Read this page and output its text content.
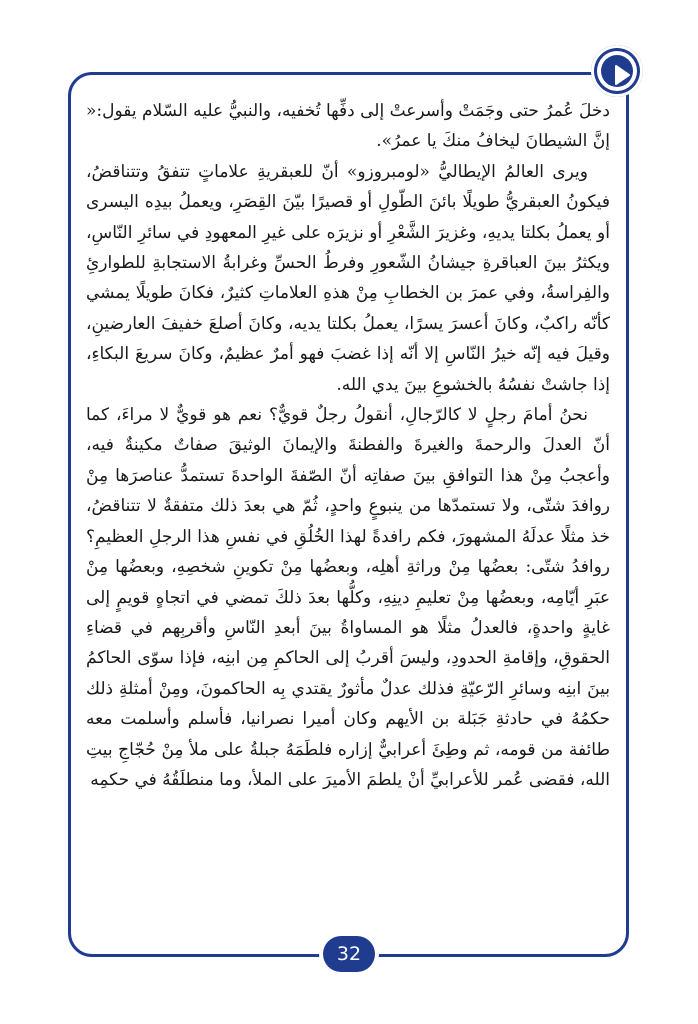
دخلَ عُمرُ حتى وجَمَتْ وأسرعتْ إلى دفِّها تُخفيه، والنبيُّ عليه السّلام يقول:« إنَّ الشيطانَ ليخافُ منكَ يا عمرُ».

ويرى العالمُ الإيطاليُّ «لومبروزو» أنّ للعبقريةِ علاماتٍ تتفقُ وتتناقضُ، فيكونُ العبقريُّ طويلًا بائنَ الطّولِ أو قصيرًا بيّنَ القِصَرِ، ويعملُ بيدِه اليسرى أو يعملُ بكلتا يديهِ، وغزيرَ الشَّعْرِ أو نزيرَه على غيرِ المعهودِ في سائرِ النّاسِ، ويكثرُ بينَ العباقرةِ جيشانُ الشّعورِ وفرطُ الحسِّ وغرابةُ الاستجابةِ للطوارئِ والفِراسةُ، وفي عمرَ بن الخطابِ مِنْ هذهِ العلاماتِ كثيرٌ، فكانَ طويلًا يمشي كأنّه راكبٌ، وكانَ أعسرَ يسرًا، يعملُ بكلتا يديه، وكانَ أصلعَ خفيفَ العارضينِ، وقيلَ فيه إنّه خيرُ النّاسِ إلا أنّه إذا غضبَ فهو أمرٌ عظيمٌ، وكانَ سريعَ البكاءِ، إذا جاشتْ نفسُهُ بالخشوعِ بينَ يدي الله.

نحنُ أمامَ رجلٍ لا كالرّجالِ، أنقولُ رجلٌ قويٌّ؟ نعم هو قويٌّ لا مراءَ، كما أنّ العدلَ والرحمةَ والغيرةَ والفطنةَ والإيمانَ الوثيقَ صفاتٌ مكينةٌ فيه، وأعجبُ مِنْ هذا التوافقِ بينَ صفاتِه أنّ الصّفةَ الواحدةَ تستمدُّ عناصرَها مِنْ روافدَ شتّى، ولا تستمدّها من ينبوعٍ واحدٍ، ثُمّ هي بعدَ ذلك متفقةٌ لا تتناقضُ، خذ مثلًا عدلَهُ المشهورَ، فكم رافدةً لهذا الخُلُقِ في نفسِ هذا الرجلِ العظيمِ؟ روافدُ شتّى: بعضُها مِنْ وراثةِ أهلِه، وبعضُها مِنْ تكوينِ شخصِهِ، وبعضُها مِنْ عبَرِ أيّامِه، وبعضُها مِنْ تعليمِ دينِهِ، وكلُّها بعدَ ذلكَ تمضي في اتجاهٍ قويمٍ إلى غايةٍ واحدةٍ، فالعدلُ مثلًا هو المساواةُ بينَ أبعدِ النّاسِ وأقربِهم في قضاءِ الحقوقِ، وإقامةِ الحدودِ، وليسَ أقربُ إلى الحاكمِ مِن ابنِه، فإذا سوّى الحاكمُ بينَ ابنِه وسائرِ الرّعيّةِ فذلك عدلٌ مأثورٌ يقتدي بِه الحاكمونَ، ومِنْ أمثلةِ ذلك حكمُهُ في حادثةِ جَبَلة بن الأيهم وكان أميرا نصرانيا، فأسلم وأسلمت معه طائفة من قومه، ثم وطِئَ أعرابيٌّ إزاره فلطَمَهُ جبلةُ على ملأ مِنْ حُجّاجِ بيتِ الله، فقضى عُمر للأعرابيِّ أنْ يلطمَ الأميرَ على الملأ، وما منطلَقُهُ في حكمِه

32
